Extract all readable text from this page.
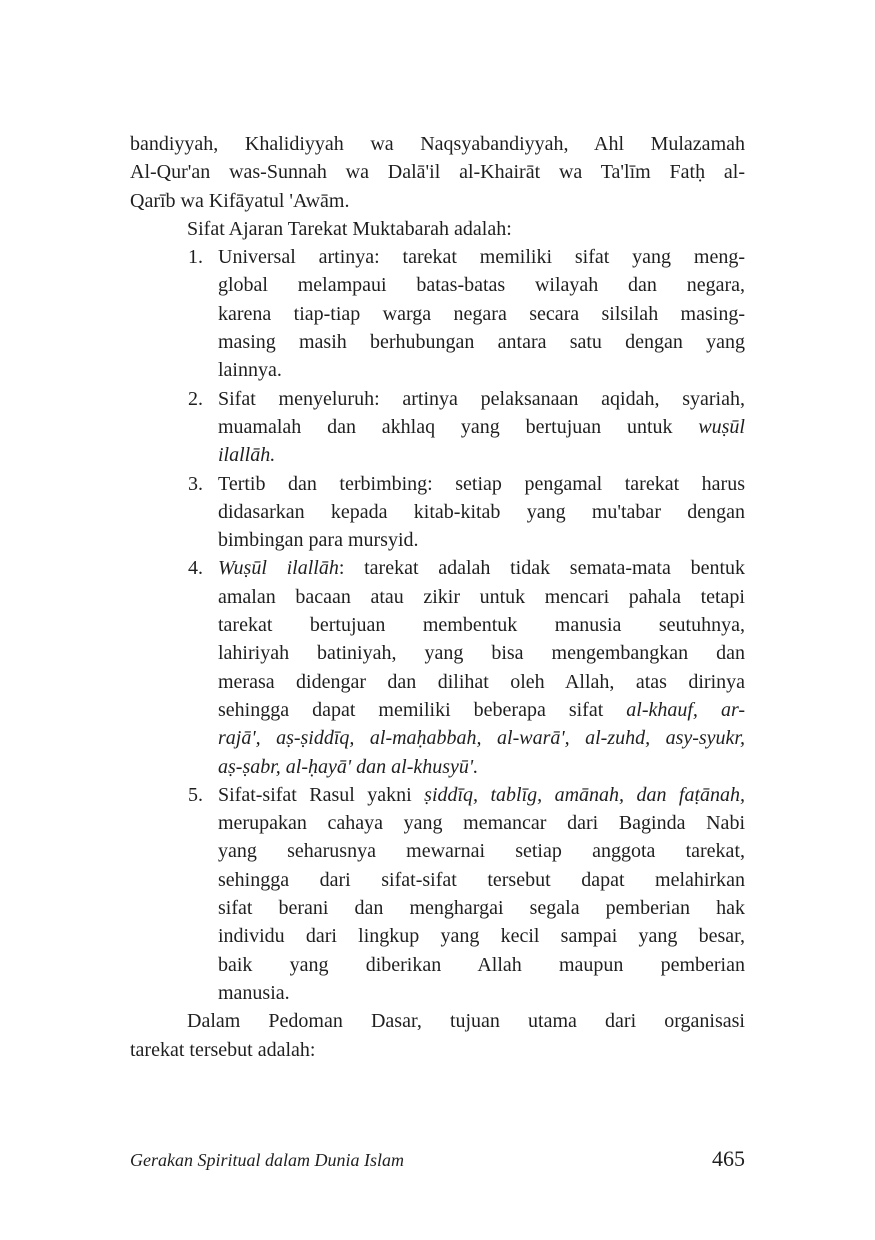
bandiyyah, Khalidiyyah wa Naqsyabandiyyah, Ahl Mulazamah
Al-Qur'an was-Sunnah wa Dalā'il al-Khairāt wa Ta'līm Fatḥ al-
Qarīb wa Kifāyatul 'Awām.
Sifat Ajaran Tarekat Muktabarah adalah:
1. Universal artinya: tarekat memiliki sifat yang meng-
global melampaui batas-batas wilayah dan negara,
karena tiap-tiap warga negara secara silsilah masing-
masing masih berhubungan antara satu dengan yang
lainnya.
2. Sifat menyeluruh: artinya pelaksanaan aqidah, syariah,
muamalah dan akhlaq yang bertujuan untuk wuṣūl
ilallāh.
3. Tertib dan terbimbing: setiap pengamal tarekat harus
didasarkan kepada kitab-kitab yang mu'tabar dengan
bimbingan para mursyid.
4. Wuṣūl ilallāh: tarekat adalah tidak semata-mata bentuk
amalan bacaan atau zikir untuk mencari pahala tetapi
tarekat bertujuan membentuk manusia seutuhnya,
lahiriyah batiniyah, yang bisa mengembangkan dan
merasa didengar dan dilihat oleh Allah, atas dirinya
sehingga dapat memiliki beberapa sifat al-khauf, ar-
rajā', aṣ-ṣiddīq, al-maḥabbah, al-warā', al-zuhd, asy-syukr,
aṣ-ṣabr, al-ḥayā' dan al-khusyū'.
5. Sifat-sifat Rasul yakni ṣiddīq, tablīg, amānah, dan faṭānah,
merupakan cahaya yang memancar dari Baginda Nabi
yang seharusnya mewarnai setiap anggota tarekat,
sehingga dari sifat-sifat tersebut dapat melahirkan
sifat berani dan menghargai segala pemberian hak
individu dari lingkup yang kecil sampai yang besar,
baik yang diberikan Allah maupun pemberian
manusia.
Dalam Pedoman Dasar, tujuan utama dari organisasi
tarekat tersebut adalah:
Gerakan Spiritual dalam Dunia Islam	465
